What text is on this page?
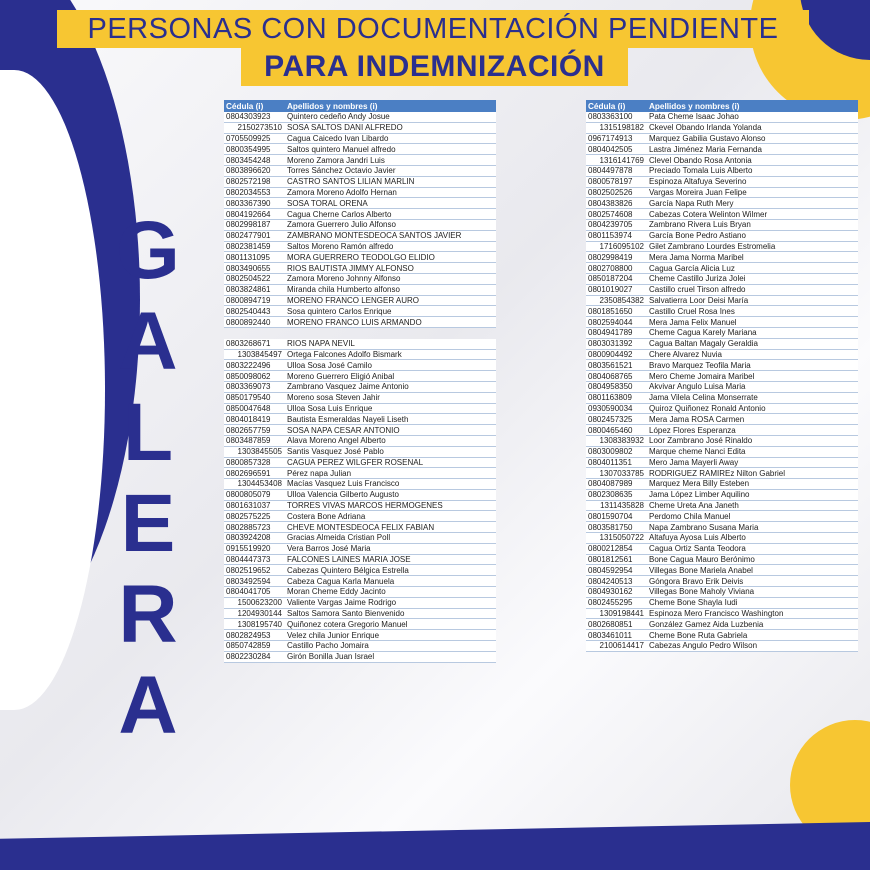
PERSONAS CON DOCUMENTACIÓN PENDIENTE
PARA INDEMNIZACIÓN
G
A
L
E
R
A
Cédula (i)	Apellidos y nombres (i)
0804303923	Quintero cedeño Andy Josue
2150273510 SOSA SALTOS DANI ALFREDO
0705509925	Cagua Caicedo Ivan Libardo
0800354995	Saltos quintero Manuel alfredo
0803454248	Moreno Zamora Jandri Luis
0803896620	Torres Sánchez Octavio Javier
0802572198	CASTRO SANTOS LILIAN MARLIN
0802034553	Zamora Moreno Adolfo Hernan
0803367390	SOSA TORAL ORENA
0804192664	Cagua Cherne Carlos Alberto
0802998187	Zamora Guerrero Julio Alfonso
0802477901	ZAMBRANO MONTESDEOCA SANTOS JAVIER
0802381459	Saltos Moreno Ramón alfredo
0801131095	MORA GUERRERO TEODOLGO ELIDIO
0803490655	RIOS BAUTISTA JIMMY ALFONSO
0802504522	Zamora Moreno Johnny Alfonso
0803824861	Miranda chila Humberto alfonso
0800894719	MORENO FRANCO LENGER AURO
0802540443	Sosa quintero Carlos Enrique
0800892440	MORENO FRANCO LUIS ARMANDO
0803268671	RIOS NAPA NEVIL
1303845497 Ortega Falcones Adolfo Bismark
0803222496	Ulloa Sosa José Camilo
0850098062	Moreno Guerrero Eligió Anibal
0803369073	Zambrano Vasquez Jaime Antonio
0850179540	Moreno sosa Steven Jahir
0850047648	Ulloa Sosa Luis Enrique
0804018419	Bautista Esmeraldas Nayeli Liseth
0802657759	SOSA NAPA CESAR ANTONIO
0803487859	Alava Moreno Angel Alberto
1303845505 Santis Vasquez José Pablo
0800857328	CAGUA PEREZ WILGFER ROSENAL
0802696591	Pérez napa Julian
1304453408 Macías Vasquez Luis Francisco
0800805079	Ulloa Valencia Gilberto Augusto
0801631037	TORRES VIVAS MARCOS HERMOGENES
0802575225	Costera Bone Adriana
0802885723	CHEVE MONTESDEOCA FELIX FABIAN
0803924208	Gracias Almeida Cristian Poll
0915519920	Vera Barros José Maria
0804447373	FALCONES LAINES MARIA JOSE
0802519652	Cabezas Quintero Bélgica Estrella
0803492594	Cabeza Cagua Karla Manuela
0804041705	Moran Cheme Eddy Jacinto
1500623200 Valiente Vargas Jaime Rodrigo
1204930144 Saltos Samora Santo Bienvenido
1308195740 Quiñonez cotera Gregorio Manuel
0802824953	Velez chila Junior Enrique
0850742859	Castillo Pacho Jomaira
0802230284	Girón Bonilla Juan Israel
Cédula (i)	Apellidos y nombres (i)
0803363100	Pata Cheme Isaac Johao
1315198182 Ckevel Obando Irlanda Yolanda
0967174913	Marquez Gabilia Gustavo Alonso
0804042505	Lastra Jiménez Maria Fernanda
1316141769 Clevel Obando Rosa Antonia
0804497878	Preciado Tomala Luis Alberto
0800578197	Espinoza Altafuya Severino
0802502526	Vargas Moreira Juan Felipe
0804383826	García Napa Ruth Mery
0802574608	Cabezas Cotera Welinton Wilmer
0804239705	Zambrano Rivera Luis Bryan
0801153974	García Bone Pedro Astiano
1716095102 Gilet Zambrano Lourdes Estromelia
0802998419	Mera Jama Norma Maribel
0802708800	Cagua García Alicia Luz
0850187204	Cheme Castillo Juriza Jolei
0801019027	Castillo cruel Tirson alfredo
2350854382 Salvatierra Loor Deisi María
0801851650	Castillo Cruel Rosa Ines
0802594044	Mera Jama Felix Manuel
0804941789	Cheme Cagua Karely Mariana
0803031392	Cagua Baltan Magaly Geraldia
0800904492	Chere Alvarez Nuvia
0803561521	Bravo Marquez Teofila Maria
0804068765	Mero Cheme Jomaira Maribel
0804958350	Akvivar Angulo Luisa Maria
0801163809	Jama Vilela Celina Monserrate
0930590034	Quiroz Quiñonez Ronald Antonio
0802457325	Mera Jama ROSA Carmen
0800465460	López Flores Esperanza
1308383932 Loor Zambrano José Rinaldo
0803009802	Marque cheme Nanci Edita
0804011351	Mero Jama Mayerli Away
1307033785 RODRIGUEZ RAMIREz Nilton Gabriel
0804087989	Marquez Mera Billy Esteben
0802308635	Jama López Limber Aquilino
1311435828 Cheme Ureta Ana Janeth
0801590704	Perdomo Chila Manuel
0803581750	Napa Zambrano Susana Maria
1315050722 Altafuya Ayosa Luis Alberto
0800212854	Cagua Ortiz Santa Teodora
0801812561	Bone Cagua Mauro Berónimo
0804592954	Villegas Bone Mariela Anabel
0804240513	Góngora Bravo Erik Deivis
0804930162	Villegas Bone Maholy Viviana
0802455295	Cheme Bone Shayla Iudi
1309198441 Espinoza Mero Francisco Washington
0802680851	González Gamez Aida Luzbenia
0803461011	Cheme Bone Ruta Gabriela
2100614417 Cabezas Angulo Pedro Wilson
